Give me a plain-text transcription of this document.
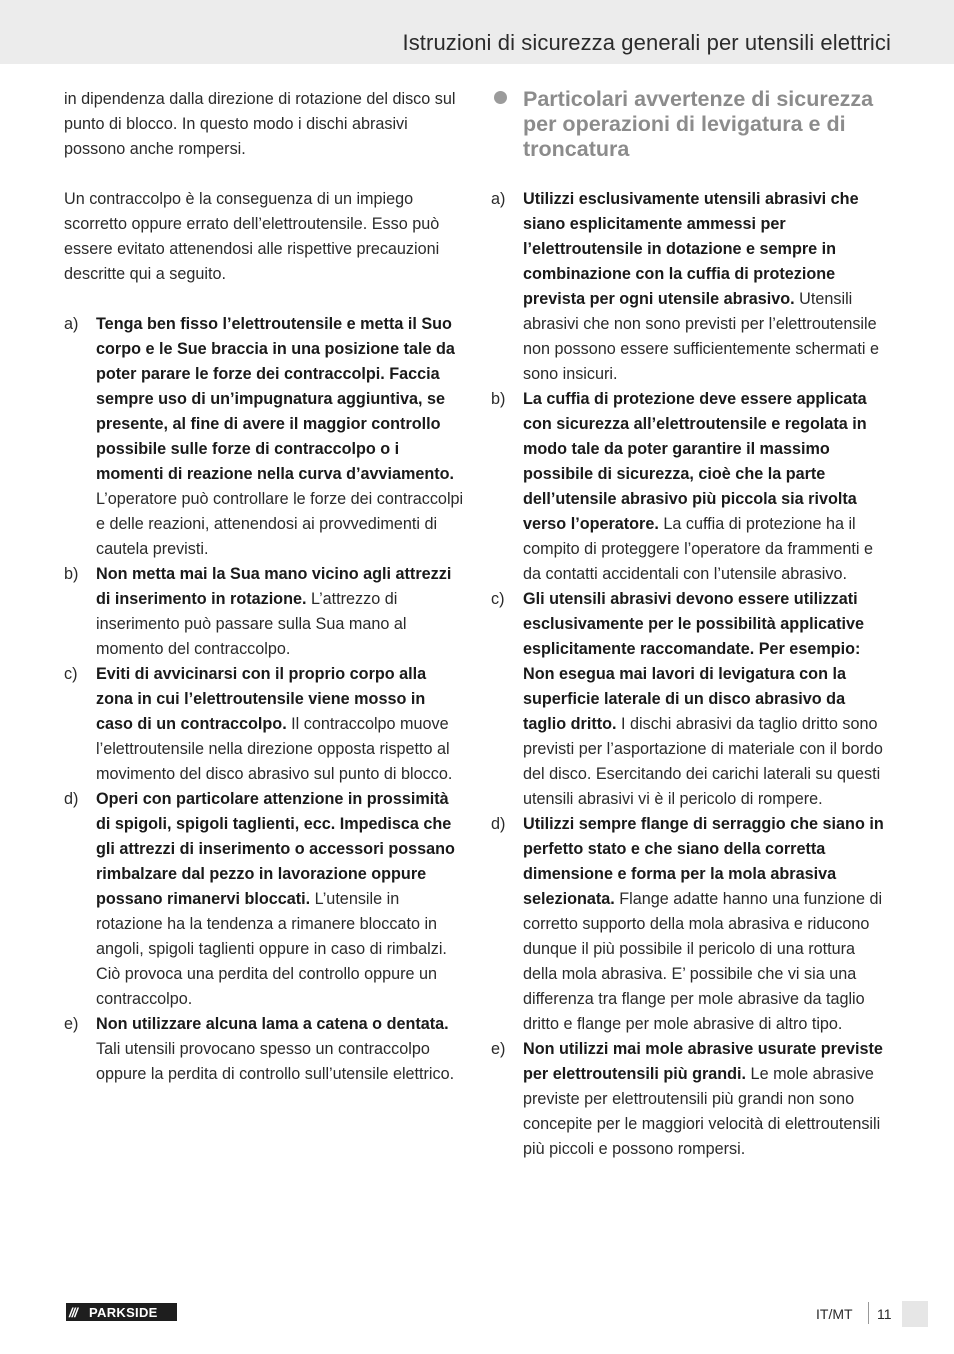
Istruzioni di sicurezza generali per utensili elettrici

in dipendenza dalla direzione di rotazione del disco sul punto di blocco. In questo modo i dischi abrasivi possono anche rompersi.

Un contraccolpo è la conseguenza di un impiego scorretto oppure errato dell’elettroutensile. Esso può essere evitato attenendosi alle rispettive precauzioni descritte qui a seguito.

a) Tenga ben fisso l’elettroutensile e metta il Suo corpo e le Sue braccia in una posizione tale da poter parare le forze dei contraccolpi. Faccia sempre uso di un’impugnatura aggiuntiva, se presente, al fine di avere il maggior controllo possibile sulle forze di contraccolpo o i momenti di reazione nella curva d’avviamento. L’operatore può controllare le forze dei contraccolpi e delle reazioni, attenendosi ai provvedimenti di cautela previsti.
b) Non metta mai la Sua mano vicino agli attrezzi di inserimento in rotazione. L’attrezzo di inserimento può passare sulla Sua mano al momento del contraccolpo.
c) Eviti di avvicinarsi con il proprio corpo alla zona in cui l’elettroutensile viene mosso in caso di un contraccolpo. Il contraccolpo muove l’elettroutensile nella direzione opposta rispetto al movimento del disco abrasivo sul punto di blocco.
d) Operi con particolare attenzione in prossimità di spigoli, spigoli taglienti, ecc. Impedisca che gli attrezzi di inserimento o accessori possano rimbalzare dal pezzo in lavorazione oppure possano rimanervi bloccati. L’utensile in rotazione ha la tendenza a rimanere bloccato in angoli, spigoli taglienti oppure in caso di rimbalzi. Ciò provoca una perdita del controllo oppure un contraccolpo.
e) Non utilizzare alcuna lama a catena o dentata. Tali utensili provocano spesso un contraccolpo oppure la perdita di controllo sull’utensile elettrico.
Particolari avvertenze di sicurezza per operazioni di levigatura e di troncatura
a) Utilizzi esclusivamente utensili abrasivi che siano esplicitamente ammessi per l’elettroutensile in dotazione e sempre in combinazione con la cuffia di protezione prevista per ogni utensile abrasivo. Utensili abrasivi che non sono previsti per l’elettroutensile non possono essere sufficientemente schermati e sono insicuri.
b) La cuffia di protezione deve essere applicata con sicurezza all’elettroutensile e regolata in modo tale da poter garantire il massimo possibile di sicurezza, cioè che la parte dell’utensile abrasivo più piccola sia rivolta verso l’operatore. La cuffia di protezione ha il compito di proteggere l’operatore da frammenti e da contatti accidentali con l’utensile abrasivo.
c) Gli utensili abrasivi devono essere utilizzati esclusivamente per le possibilità applicative esplicitamente raccomandate. Per esempio: Non esegua mai lavori di levigatura con la superficie laterale di un disco abrasivo da taglio dritto. I dischi abrasivi da taglio dritto sono previsti per l’asportazione di materiale con il bordo del disco. Esercitando dei carichi laterali su questi utensili abrasivi vi è il pericolo di rompere.
d) Utilizzi sempre flange di serraggio che siano in perfetto stato e che siano della corretta dimensione e forma per la mola abrasiva selezionata. Flange adatte hanno una funzione di corretto supporto della mola abrasiva e riducono dunque il più possibile il pericolo di una rottura della mola abrasiva. E’ possibile che vi sia una differenza tra flange per mole abrasive da taglio dritto e flange per mole abrasive di altro tipo.
e) Non utilizzi mai mole abrasive usurate previste per elettroutensili più grandi. Le mole abrasive previste per elettroutensili più grandi non sono concepite per le maggiori velocità di elettroutensili più piccoli e possono rompersi.
/// PARKSIDE	IT/MT 11
